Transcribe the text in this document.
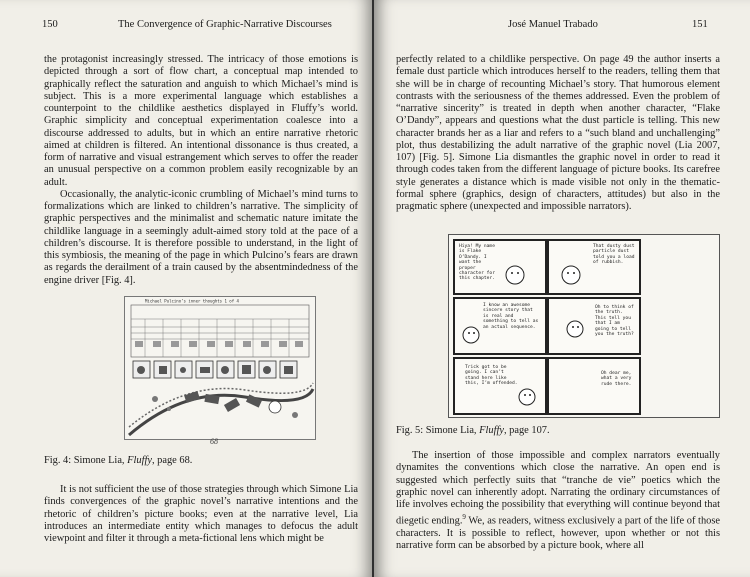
150	The Convergence of Graphic-Narrative Discourses

the protagonist increasingly stressed. The intricacy of those emotions is depicted through a sort of flow chart, a conceptual map intended to graphically reflect the saturation and anguish to which Michael’s mind is subject. This is a more experimental language which establishes a counterpoint to the childlike aesthetics displayed in Fluffy’s world. Graphic simplicity and conceptual experimentation coalesce into a discourse addressed to adults, but in which an entire narrative rhetoric aimed at children is filtered. An intentional dissonance is thus created, a form of narrative and visual estrangement which serves to offer the reader an unusual perspective on a common problem easily recognizable by an adult.

Occasionally, the analytic-iconic crumbling of Michael’s mind turns to formalizations which are linked to children’s narrative. The simplicity of graphic perspectives and the minimalist and schematic nature imitate the childlike language in a seemingly adult-aimed story told at the pace of a children’s discourse. It is therefore possible to understand, in the light of this symbiosis, the meaning of the page in which Pulcino’s fears are drawn as regards the derailment of a train caused by the absentmindedness of the engine driver [Fig. 4].

Michael Pulcino’s inner thoughts 1 of 4
68
Fig. 4: Simone Lia, Fluffy, page 68.

It is not sufficient the use of those strategies through which Simone Lia finds convergences of the graphic novel’s narrative intentions and the rhetoric of children’s picture books; even at the narrative level, Lia introduces an intermediate entity which manages to defocus the adult viewpoint and filter it through a meta-fictional lens which might be

José Manuel Trabado	151

perfectly related to a childlike perspective. On page 49 the author inserts a female dust particle which introduces herself to the readers, telling them that she will be in charge of recounting Michael’s story. That humorous element contrasts with the seriousness of the themes addressed. Even the problem of “narrative sincerity” is treated in depth when another character, “Flake O’Dandy”, appears and questions what the dust particle is telling. This new character brands her as a liar and refers to a “such bland and unchallenging” plot, thus destabilizing the adult narrative of the graphic novel (Lia 2007, 107) [Fig. 5]. Simone Lia dismantles the graphic novel in order to read it through codes taken from the different language of picture books. Its carefree style generates a distance which is made visible not only in the thematic-formal sphere (graphics, design of characters, attitudes) but also in the pragmatic sphere (unexpected and impossible narrators).

Hiya! My name is Flake O’Dandy. I want the proper character for this chapter.
That dusty dust particle dust told you a load of rubbish.
I know an awesome sincere story that is real and something to tell as an actual sequence.
Oh to think of the truth. This tell you that I am going to tell you the truth?
Trick got to be going. I can’t stand here like this, I’m offended.
Oh dear me, what a very rude there.
Fig. 5: Simone Lia, Fluffy, page 107.

The insertion of those impossible and complex narrators eventually dynamites the conventions which close the narrative. An open end is suggested which perfectly suits that “tranche de vie” poetics which the graphic novel can inherently adopt. Narrating the ordinary circumstances of life involves echoing the possibility that everything will continue beyond that diegetic ending.$^9$ We, as readers, witness exclusively a part of the life of those characters. It is possible to reflect, however, upon whether or not this narrative form can be absorbed by a picture book, where all
